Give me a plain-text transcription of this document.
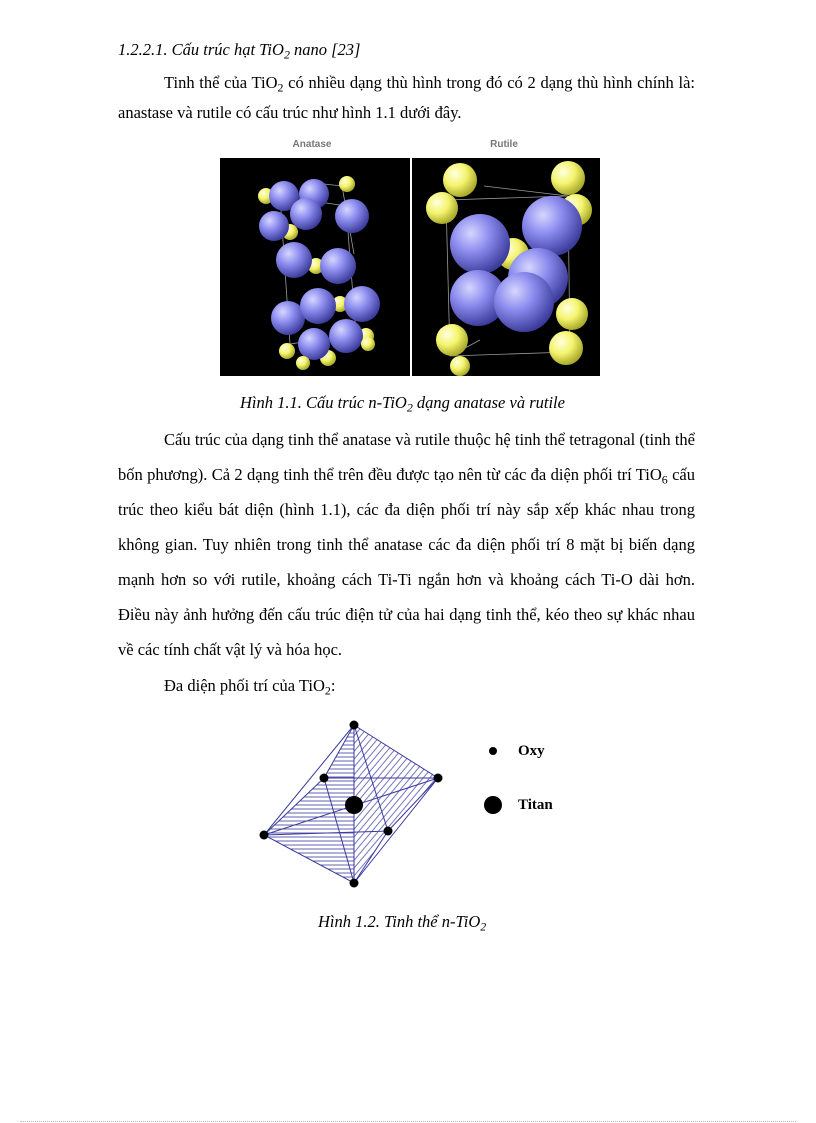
1.2.2.1. Cấu trúc hạt TiO$_2$ nano [23]
Tinh thể của TiO$_2$ có nhiều dạng thù hình trong đó có 2 dạng thù hình chính là: anastase và rutile có cấu trúc như hình 1.1 dưới đây.
Anatase	Rutile
Hình 1.1. Cấu trúc n-TiO$_2$ dạng anatase và rutile
Cấu trúc của dạng tinh thể anatase và rutile thuộc hệ tinh thể tetragonal (tinh thể bốn phương). Cả 2 dạng tinh thể trên đều được tạo nên từ các đa diện phối trí TiO$_6$ cấu trúc theo kiểu bát diện (hình 1.1), các đa diện phối trí này sắp xếp khác nhau trong không gian. Tuy nhiên trong tinh thể anatase các đa diện phối trí 8 mặt bị biến dạng mạnh hơn so với rutile, khoảng cách Ti-Ti ngắn hơn và khoảng cách Ti-O dài hơn. Điều này ảnh hưởng đến cấu trúc điện tử của hai dạng tinh thể, kéo theo sự khác nhau về các tính chất vật lý và hóa học.
Đa diện phối trí của TiO$_2$:
Oxy
Titan
Hình 1.2. Tinh thể n-TiO$_2$
